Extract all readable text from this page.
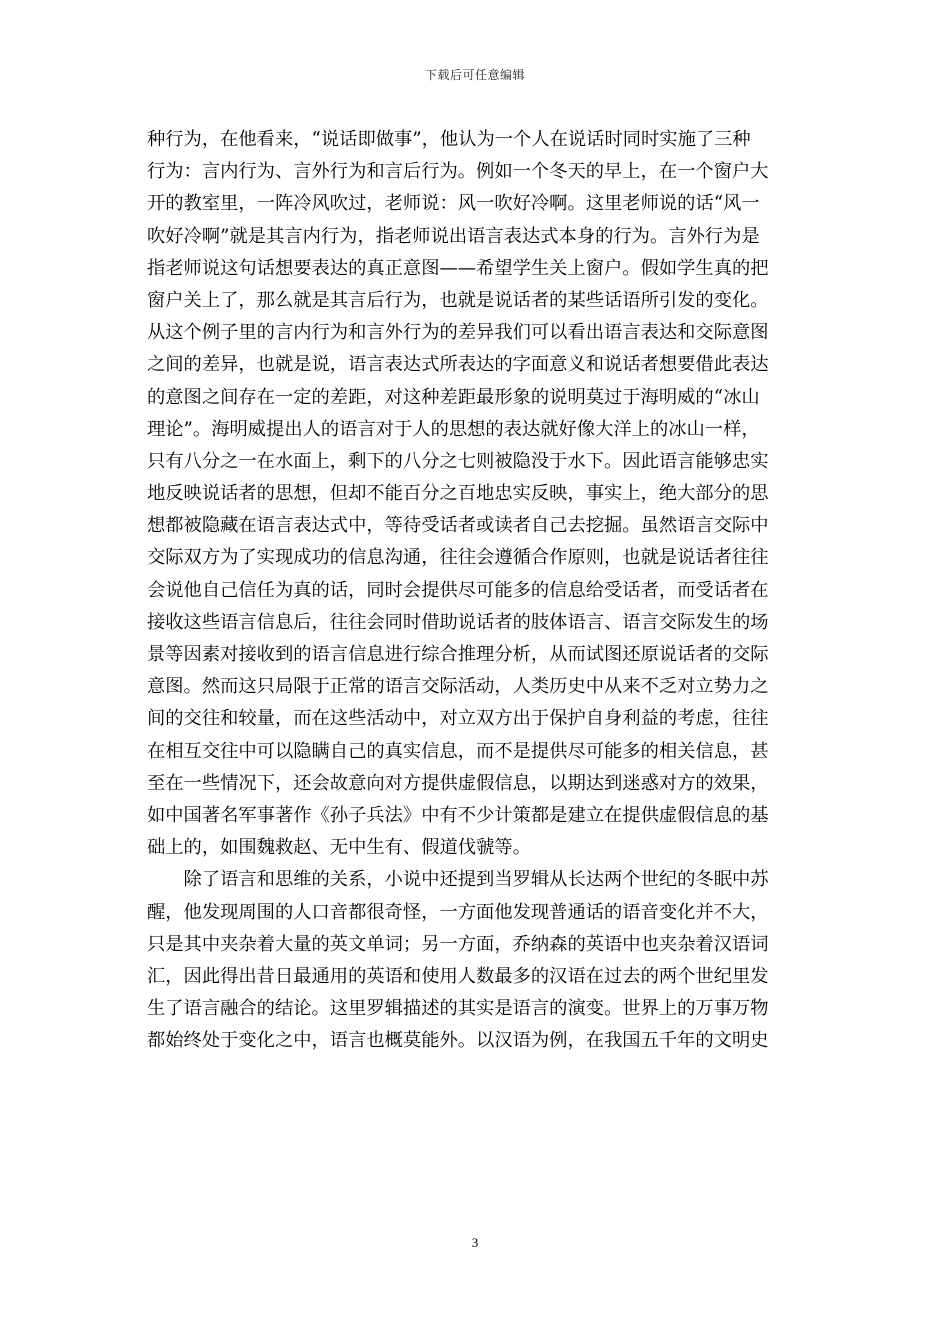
下载后可任意编辑
种行为，在他看来，“说话即做事”，他认为一个人在说话时同时实施了三种
行为：言内行为、言外行为和言后行为。例如一个冬天的早上，在一个窗户大
开的教室里，一阵冷风吹过，老师说：风一吹好冷啊。这里老师说的话“风一
吹好冷啊”就是其言内行为，指老师说出语言表达式本身的行为。言外行为是
指老师说这句话想要表达的真正意图——希望学生关上窗户。假如学生真的把
窗户关上了，那么就是其言后行为，也就是说话者的某些话语所引发的变化。
从这个例子里的言内行为和言外行为的差异我们可以看出语言表达和交际意图
之间的差异，也就是说，语言表达式所表达的字面意义和说话者想要借此表达
的意图之间存在一定的差距，对这种差距最形象的说明莫过于海明威的“冰山
理论”。海明威提出人的语言对于人的思想的表达就好像大洋上的冰山一样，
只有八分之一在水面上，剩下的八分之七则被隐没于水下。因此语言能够忠实
地反映说话者的思想，但却不能百分之百地忠实反映，事实上，绝大部分的思
想都被隐藏在语言表达式中，等待受话者或读者自己去挖掘。虽然语言交际中
交际双方为了实现成功的信息沟通，往往会遵循合作原则，也就是说话者往往
会说他自己信任为真的话，同时会提供尽可能多的信息给受话者，而受话者在
接收这些语言信息后，往往会同时借助说话者的肢体语言、语言交际发生的场
景等因素对接收到的语言信息进行综合推理分析，从而试图还原说话者的交际
意图。然而这只局限于正常的语言交际活动，人类历史中从来不乏对立势力之
间的交往和较量，而在这些活动中，对立双方出于保护自身利益的考虑，往往
在相互交往中可以隐瞒自己的真实信息，而不是提供尽可能多的相关信息，甚
至在一些情况下，还会故意向对方提供虚假信息，以期达到迷惑对方的效果，
如中国著名军事著作《孙子兵法》中有不少计策都是建立在提供虚假信息的基
础上的，如围魏救赵、无中生有、假道伐虢等。
　　除了语言和思维的关系，小说中还提到当罗辑从长达两个世纪的冬眠中苏
醒，他发现周围的人口音都很奇怪，一方面他发现普通话的语音变化并不大，
只是其中夹杂着大量的英文单词；另一方面，乔纳森的英语中也夹杂着汉语词
汇，因此得出昔日最通用的英语和使用人数最多的汉语在过去的两个世纪里发
生了语言融合的结论。这里罗辑描述的其实是语言的演变。世界上的万事万物
都始终处于变化之中，语言也概莫能外。以汉语为例，在我国五千年的文明史
3
